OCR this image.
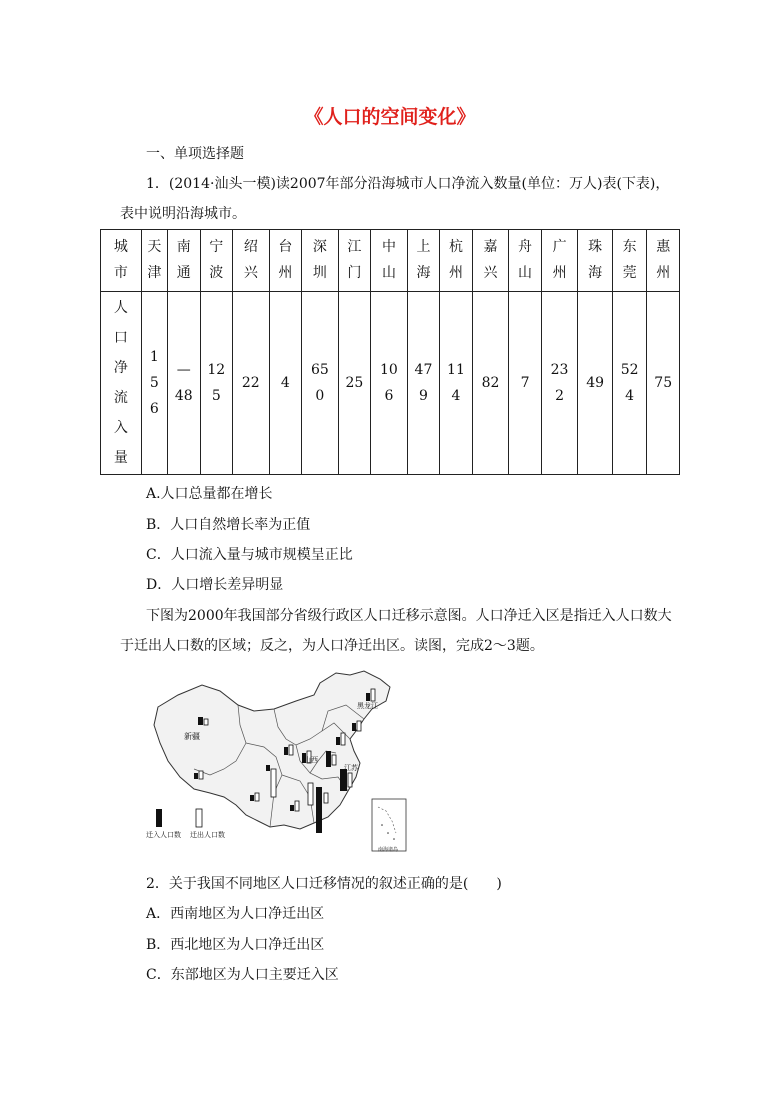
《人口的空间变化》
一、单项选择题
1．(2014·汕头一模)读2007年部分沿海城市人口净流入数量(单位：万人)表(下表)，
表中说明沿海城市。
城市	天津	南通	宁波	绍兴	台州	深圳	江门	中山	上海	杭州	嘉兴	舟山	广州	珠海	东莞	惠州
人口净流入量	156	—48	125	22	4	650	25	106	479	114	82	7	232	49	524	75
A.人口总量都在增长
B．人口自然增长率为正值
C．人口流入量与城市规模呈正比
D．人口增长差异明显
下图为2000年我国部分省级行政区人口迁移示意图。人口净迁入区是指迁入人口数大
于迁出人口数的区域；反之，为人口净迁出区。读图，完成2～3题。
新疆
黑龙江
山西
江苏
南海诸岛
迁入人口数 迁出人口数
2．关于我国不同地区人口迁移情况的叙述正确的是(　　)
A．西南地区为人口净迁出区
B．西北地区为人口净迁出区
C．东部地区为人口主要迁入区
